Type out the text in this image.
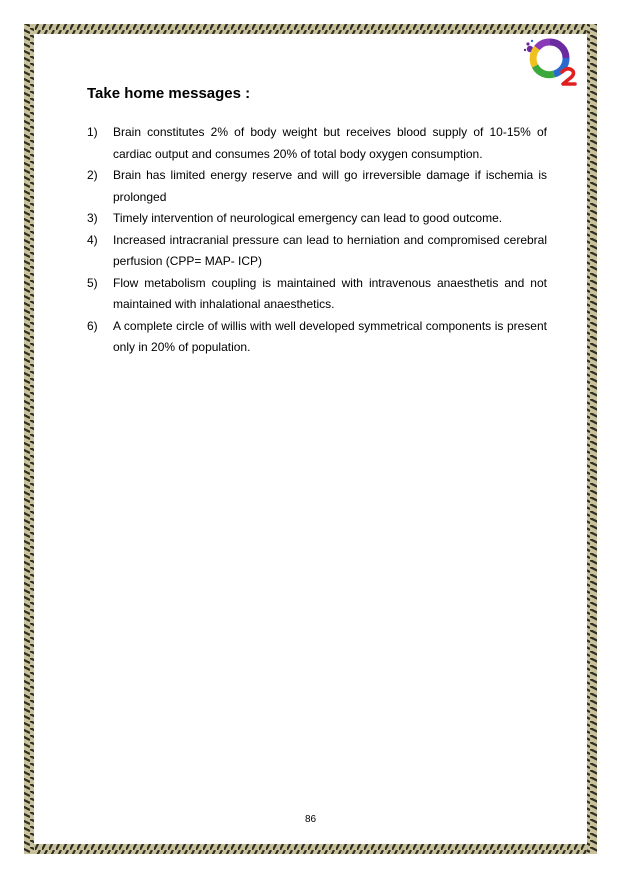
Take home messages :
1)	Brain constitutes 2% of body weight but receives blood supply of 10-15% of cardiac output and consumes 20% of total body oxygen consumption.
2)	Brain has limited energy reserve and will go irreversible damage if ischemia is prolonged
3)	Timely intervention of neurological emergency can lead to good outcome.
4)	Increased intracranial pressure can lead to herniation and compromised cerebral perfusion (CPP= MAP- ICP)
5)	Flow metabolism coupling is maintained with intravenous anaesthetis and not maintained with inhalational anaesthetics.
6)	A complete circle of willis with well developed symmetrical components is present only in 20% of population.
86
